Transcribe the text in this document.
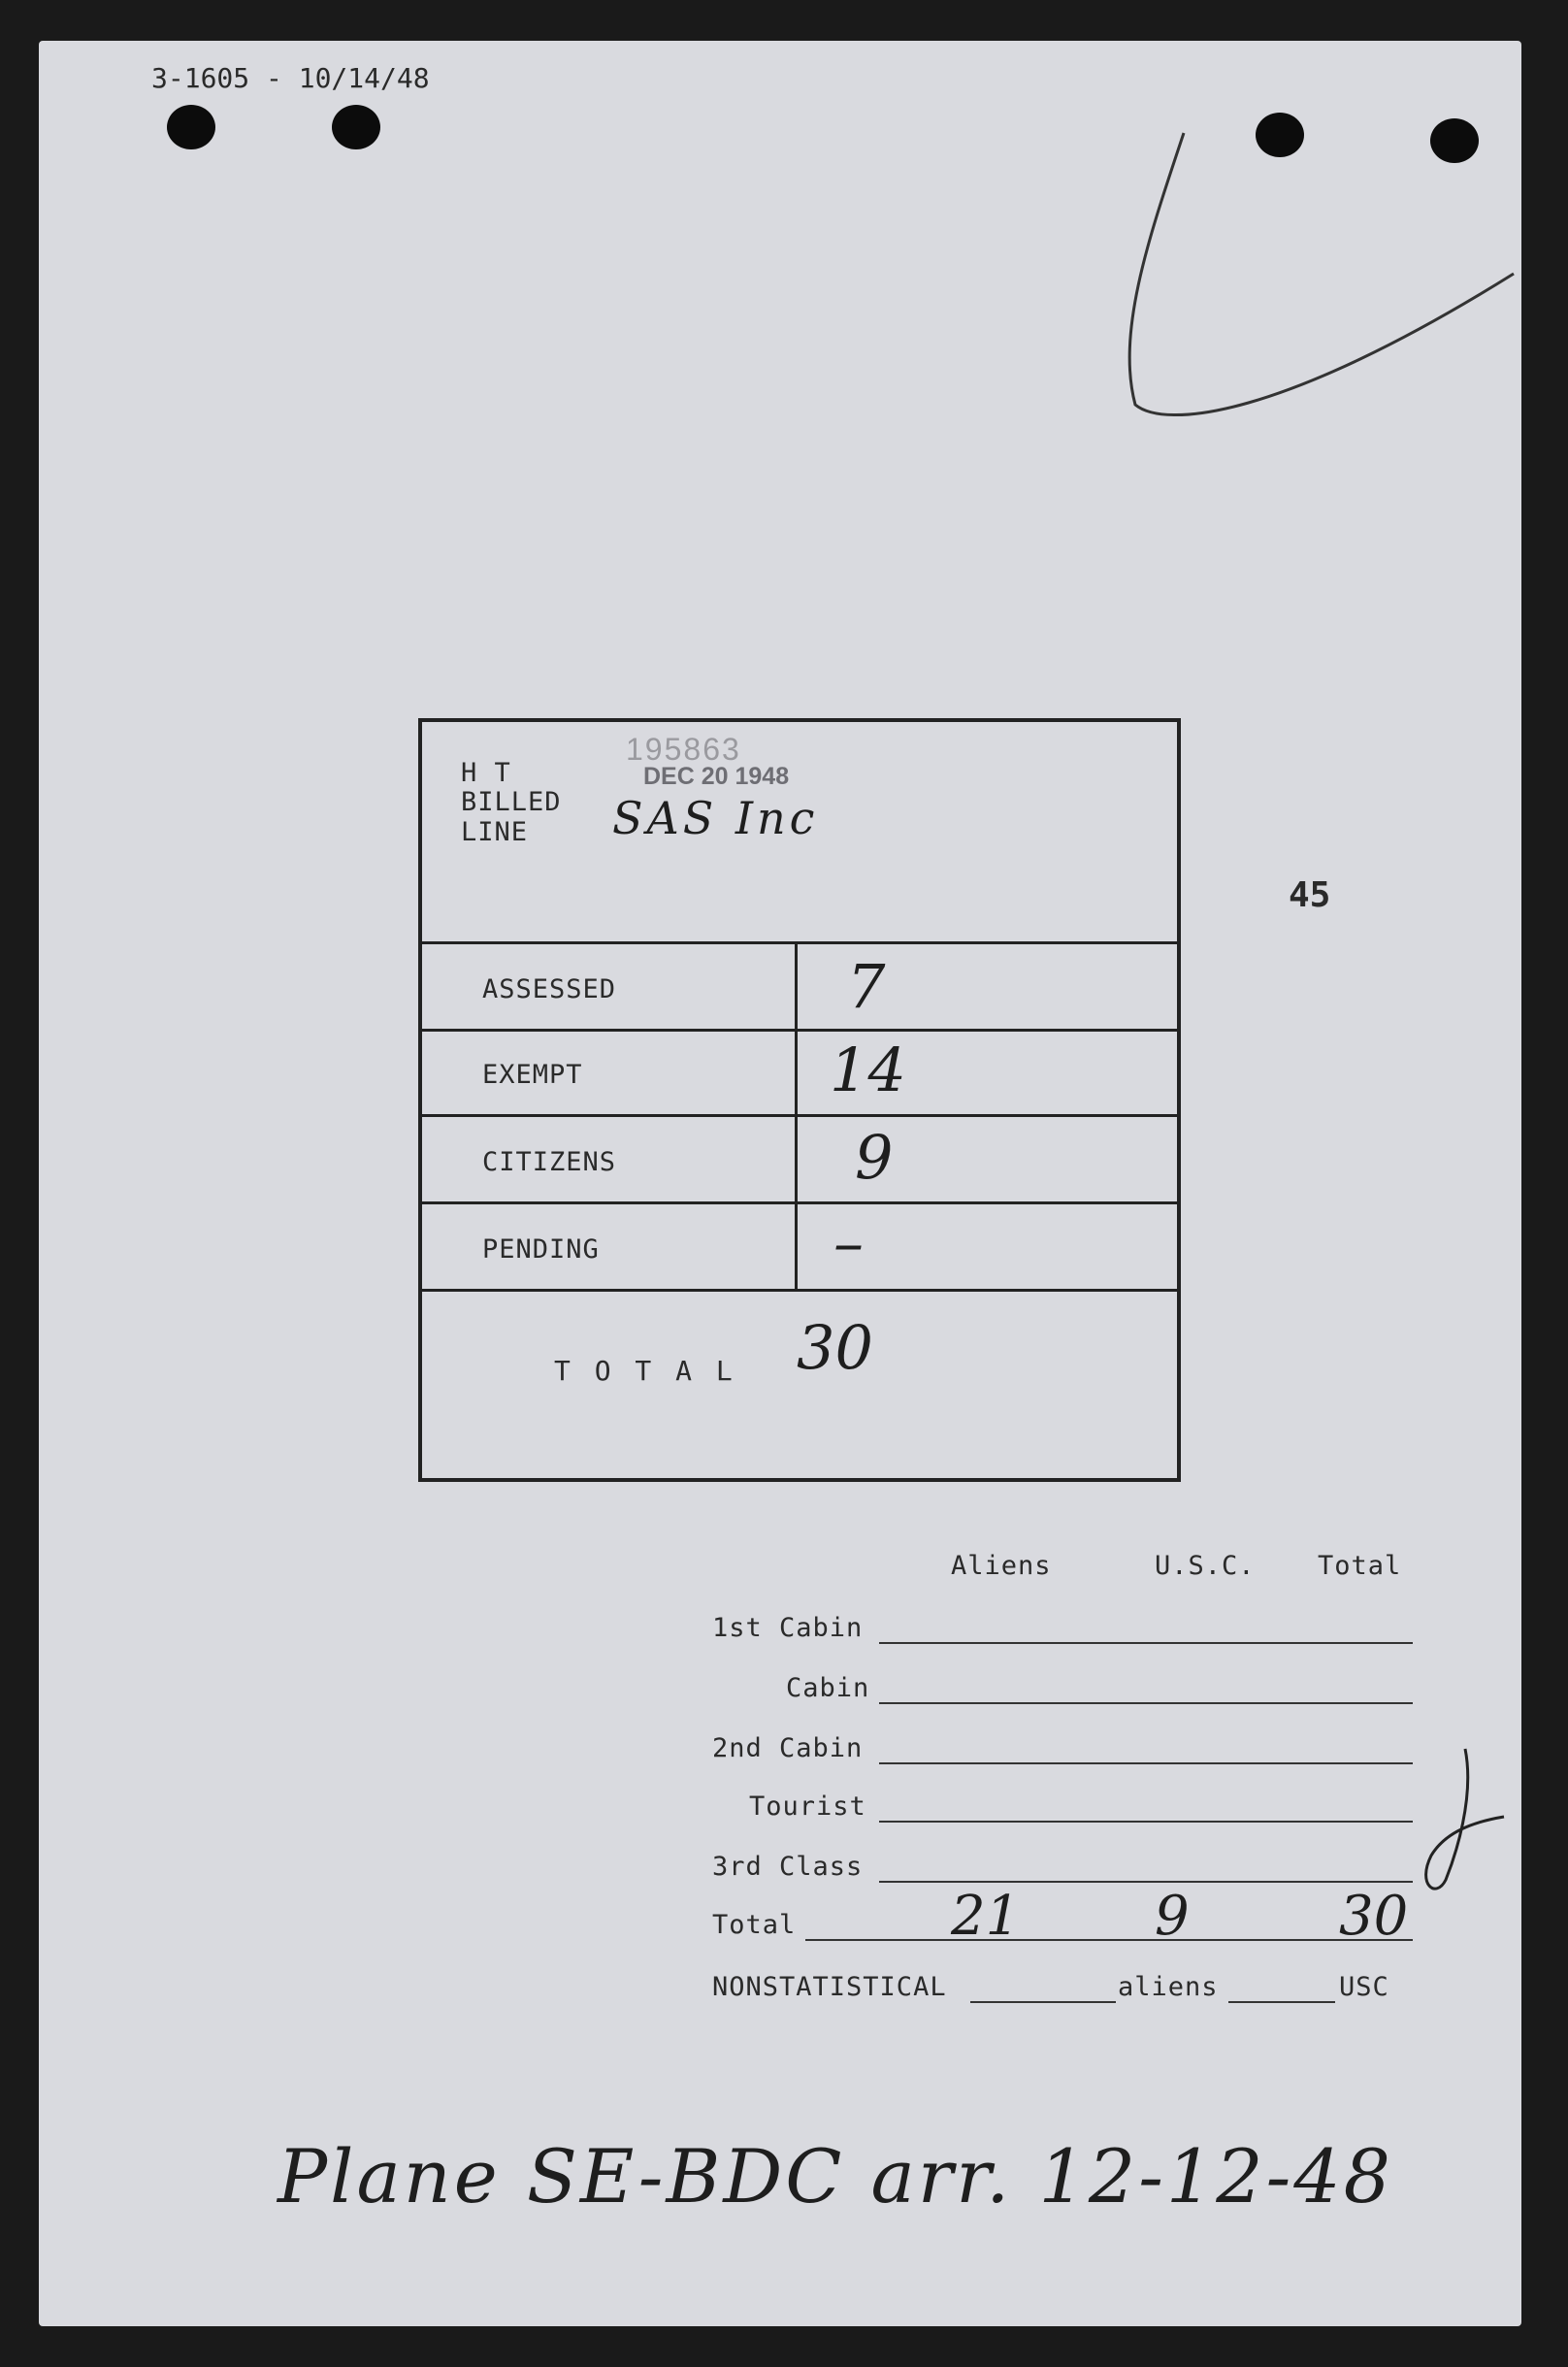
3-1605 - 10/14/48
45
H T
BILLED
LINE
195863
DEC 20 1948
SAS Inc
ASSESSED	7
EXEMPT	14
CITIZENS	9
PENDING	–
T O T A L 30
Aliens	U.S.C. Total
1st Cabin
Cabin
2nd Cabin
Tourist
3rd Class
Total	21 9	30
NONSTATISTICAL	aliens	USC
Plane SE-BDC arr. 12-12-48
